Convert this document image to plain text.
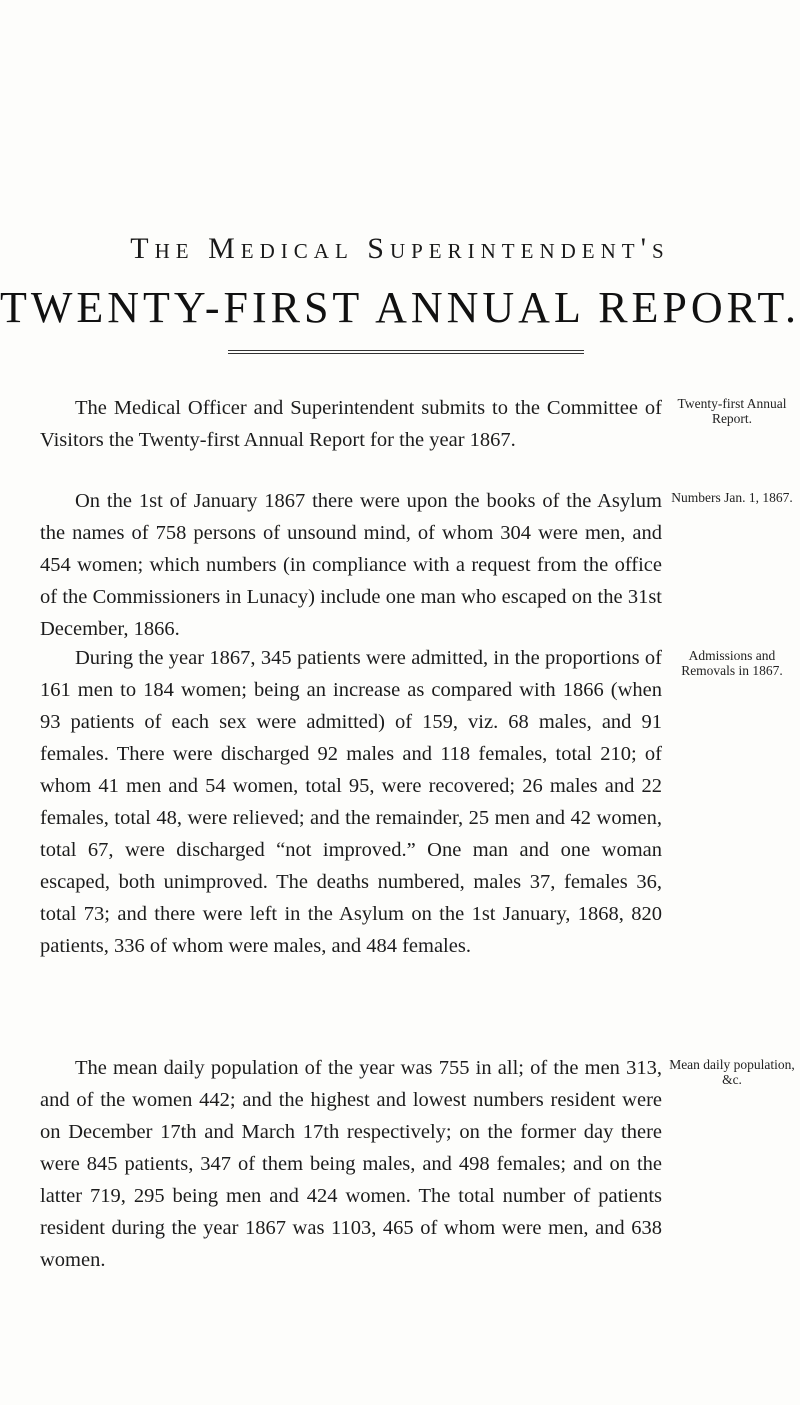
The Medical Superintendent's
TWENTY-FIRST ANNUAL REPORT.

The Medical Officer and Superintendent submits to the Committee of Visitors the Twenty-first Annual Report for the year 1867.

Twenty-first Annual Report.

On the 1st of January 1867 there were upon the books of the Asylum the names of 758 persons of unsound mind, of whom 304 were men, and 454 women; which numbers (in compliance with a request from the office of the Commissioners in Lunacy) include one man who escaped on the 31st December, 1866.

Numbers Jan. 1, 1867.

During the year 1867, 345 patients were admitted, in the proportions of 161 men to 184 women; being an increase as compared with 1866 (when 93 patients of each sex were admitted) of 159, viz. 68 males, and 91 females. There were discharged 92 males and 118 females, total 210; of whom 41 men and 54 women, total 95, were recovered; 26 males and 22 females, total 48, were relieved; and the remainder, 25 men and 42 women, total 67, were discharged “not improved.” One man and one woman escaped, both unimproved. The deaths numbered, males 37, females 36, total 73; and there were left in the Asylum on the 1st January, 1868, 820 patients, 336 of whom were males, and 484 females.

Admissions and Removals in 1867.

The mean daily population of the year was 755 in all; of the men 313, and of the women 442; and the highest and lowest numbers resident were on December 17th and March 17th respectively; on the former day there were 845 patients, 347 of them being males, and 498 females; and on the latter 719, 295 being men and 424 women. The total number of patients resident during the year 1867 was 1103, 465 of whom were men, and 638 women.

Mean daily population, &c.
